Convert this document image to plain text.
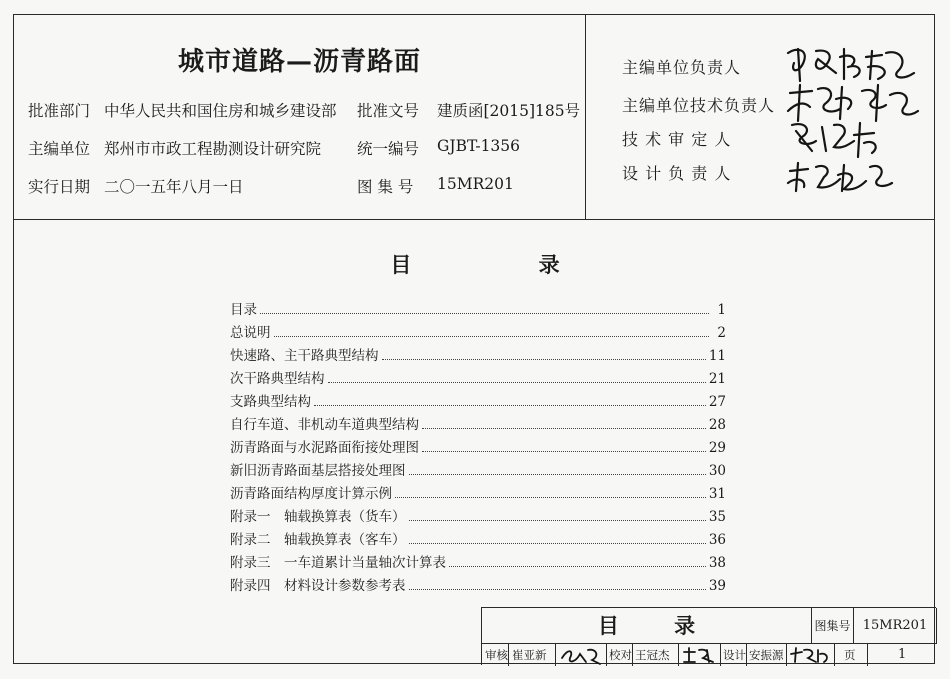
城市道路—沥青路面
批准部门 中华人民共和国住房和城乡建设部 批准文号 建质函[2015]185号
主编单位 郑州市市政工程勘测设计研究院 统一编号 GJBT-1356
实行日期 二〇一五年八月一日	图 集 号 15MR201
主编单位负责人
主编单位技术负责人
技 术 审 定 人
设 计 负 责 人
目 录
目录	1
总说明	2
快速路、主干路典型结构	11
次干路典型结构	21
支路典型结构	27
自行车道、非机动车道典型结构	28
沥青路面与水泥路面衔接处理图	29
新旧沥青路面基层搭接处理图	30
沥青路面结构厚度计算示例	31
附录一　轴载换算表（货车）	35
附录二　轴载换算表（客车）	36
附录三　一车道累计当量轴次计算表	38
附录四　材料设计参数参考表	39
目 录	图集号 15MR201
审核 崔亚新	校对 王冠杰	设计 安振源	页	1
